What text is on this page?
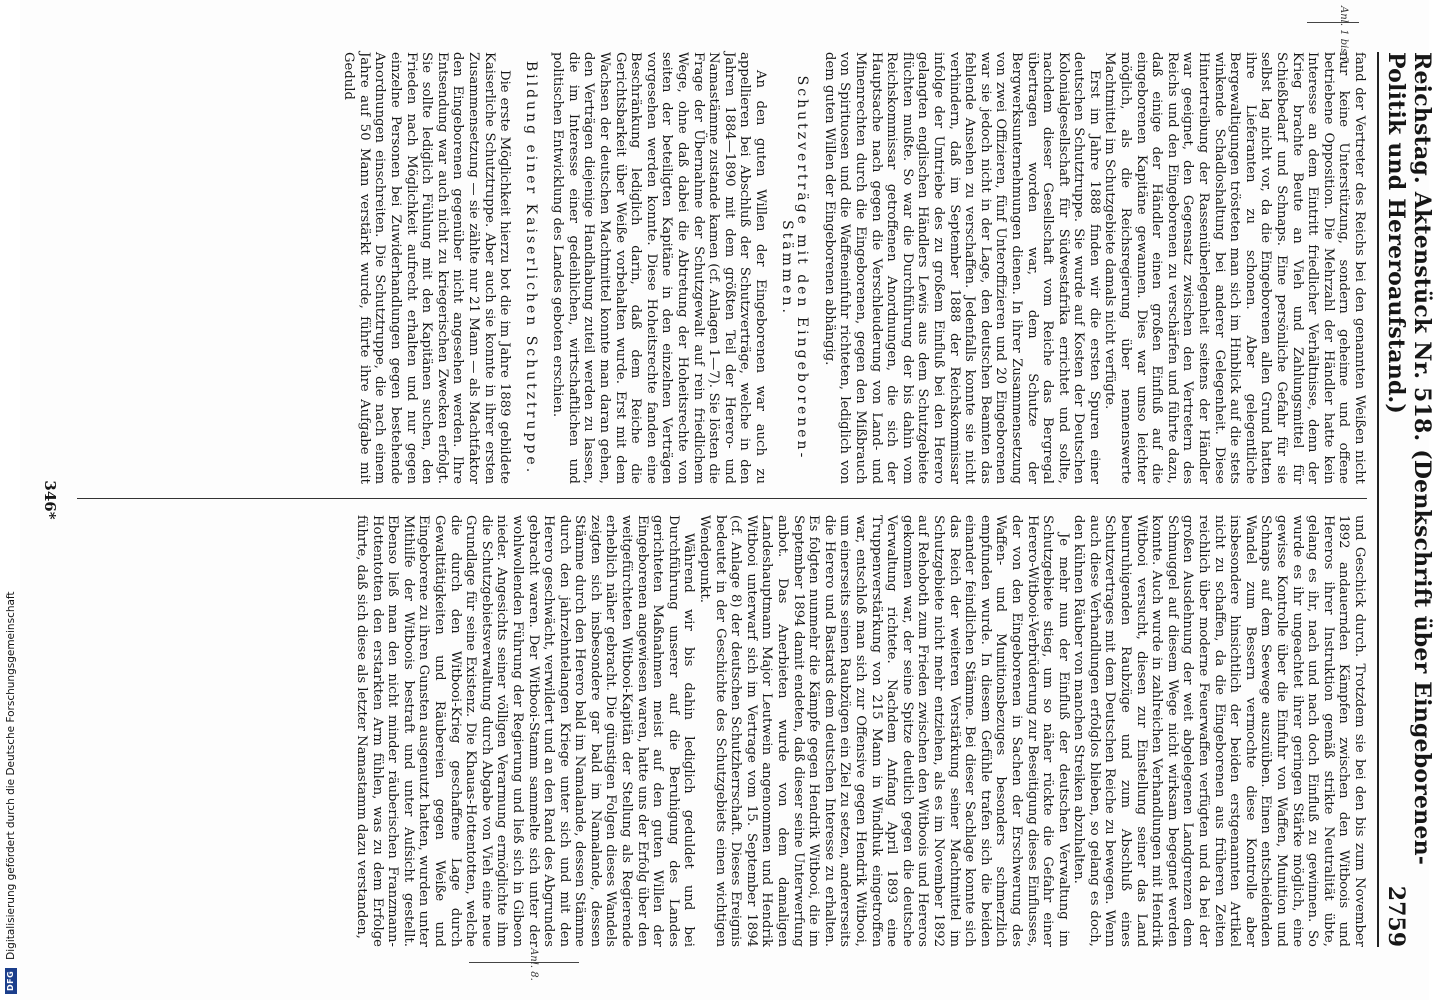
Reichstag. Aktenstück Nr. 518. (Denkschrift über Eingeborenen-Politik und Hereroaufstand.)
2759
Anl. 1 bis 7.
Anl. 8.

fand der Vertreter des Reichs bei den genannten Weißen nicht nur keine Unterstützung, sondern geheime und offene betriebene Opposition. Die Mehrzahl der Händler hatte kein Interesse an dem Eintritt friedlicher Verhältnisse, denn der Krieg brachte Beute an Vieh und Zahlungsmittel für Schießbedarf und Schnaps. Eine persönliche Gefahr für sie selbst lag nicht vor, da die Eingeborenen allen Grund hatten ihre Lieferanten zu schonen. Aber gelegentliche Bergewaltigungen trösteten man sich im Hinblick auf die stets winkende Schadloshaltung bei anderer Gelegenheit. Diese Hintertreibung der Rassenüberlegenheit seitens der Händler war geeignet, den Gegensatz zwischen den Vertretern des Reichs und den Eingeborenen zu verschärfen und führte dazu, daß einige der Händler einen großen Einfluß auf die eingeborenen Kapitäne gewannen. Dies war umso leichter möglich, als die Reichsregierung über nennenswerte Machtmittel im Schutzgebiete damals nicht verfügte.

Erst im Jahre 1888 finden wir die ersten Spuren einer deutschen Schutztruppe. Sie wurde auf Kosten der Deutschen Kolonialgesellschaft für Südwestafrika errichtet und sollte, nachdem dieser Gesellschaft vom Reiche das Bergregal übertragen worden war, dem Schutze der Bergwerksunternehmungen dienen. In ihrer Zusammensetzung von zwei Offizieren, fünf Unteroffizieren und 20 Eingeborenen war sie jedoch nicht in der Lage, den deutschen Beamten das fehlende Ansehen zu verschaffen. Jedenfalls konnte sie nicht verhindern, daß im September 1888 der Reichskommissar infolge der Umtriebe des zu großem Einfluß bei den Herero gelangten englischen Händlers Lewis aus dem Schutzgebiete flüchten mußte. So war die Durchführung der bis dahin vom Reichskommissar getroffenen Anordnungen, die sich der Hauptsache nach gegen die Verschleuderung von Land- und Minenrechten durch die Eingeborenen, gegen den Mißbrauch von Spirituosen und die Waffeneinfuhr richteten, lediglich von dem guten Willen der Eingeborenen abhängig.

Schutzverträge mit den Eingeborenen-Stämmen.

An den guten Willen der Eingeborenen war auch zu appellieren bei Abschluß der Schutzverträge, welche in den Jahren 1884—1890 mit dem größten Teil der Herero- und Namastämme zustande kamen (cf. Anlagen 1—7). Sie lösten die Frage der Übernahme der Schutzgewalt auf rein friedlichem Wege, ohne daß dabei die Abtretung der Hoheitsrechte von seiten der beteiligten Kapitäne in den einzelnen Verträgen vorgesehen werden konnte. Diese Hoheitsrechte fanden eine Beschränkung lediglich darin, daß dem Reiche die Gerichtsbarkeit über Weiße vorbehalten wurde. Erst mit dem Wachsen der deutschen Machtmittel konnte man daran gehen, den Verträgen diejenige Handhabung zuteil werden zu lassen, die im Interesse einer gedeihlichen, wirtschaftlichen und politischen Entwicklung des Landes geboten erschien.

Bildung einer Kaiserlichen Schutztruppe.

Die erste Möglichkeit hierzu bot die im Jahre 1889 gebildete Kaiserliche Schutztruppe. Aber auch sie konnte in ihrer ersten Zusammensetzung — sie zählte nur 21 Mann — als Machtfaktor den Eingeborenen gegenüber nicht angesehen werden. Ihre Entsendung war auch nicht zu kriegerischen Zwecken erfolgt. Sie sollte lediglich Fühlung mit den Kapitänen suchen, den Frieden nach Möglichkeit aufrecht erhalten und nur gegen einzelne Personen bei Zuwiderhandlungen gegen bestehende Anordnungen einschreiten. Die Schutztruppe, die nach einem Jahre auf 50 Mann verstärkt wurde, führte ihre Aufgabe mit Geduld

und Geschick durch. Trotzdem sie bei den bis zum November 1892 andauernden Kämpfen zwischen den Witboois und Hereros ihrer Instruktion gemäß strikte Neutralität übte, gelang es ihr, nach und nach doch Einfluß zu gewinnen. So wurde es ihr ungeachtet ihrer geringen Stärke möglich, eine gewisse Kontrolle über die Einfuhr von Waffen, Munition und Schnaps auf dem Seewege auszuüben. Einen entscheidenden Wandel zum Bessern vermochte diese Kontrolle aber insbesondere hinsichtlich der beiden erstgenannten Artikel nicht zu schaffen, da die Eingeborenen aus früheren Zeiten reichlich über moderne Feuerwaffen verfügten und da bei der großen Ausdehnung der weit abgelegenen Landgrenzen dem Schmuggel auf diesem Wege nicht wirksam begegnet werden konnte. Auch wurde in zahlreichen Verhandlungen mit Hendrik Witbooi versucht, diesen zur Einstellung seiner das Land beunruhigenden Raubzüge und zum Abschluß eines Schutzvertrages mit dem Deutschen Reiche zu bewegen. Wenn auch diese Verhandlungen erfolglos blieben, so gelang es doch, den kühnen Räuber von manchen Streiken abzuhalten.

Je mehr nun der Einfluß der deutschen Verwaltung im Schutzgebiete stieg, um so näher rückte die Gefahr einer Herero-Witbooi-Verbrüderung zur Beseitigung dieses Einflusses, der von den Eingeborenen in Sachen der Erschwerung des Waffen- und Munitionsbezuges besonders schmerzlich empfunden wurde. In diesem Gefühle trafen sich die beiden einander feindlichen Stämme. Bei dieser Sachlage konnte sich das Reich der weiteren Verstärkung seiner Machtmittel im Schutzgebiete nicht mehr entziehen, als es im November 1892 auf Rehoboth zum Frieden zwischen den Witboois und Hereros gekommen war, der seine Spitze deutlich gegen die deutsche Verwaltung richtete. Nachdem Anfang April 1893 eine Truppenverstärkung von 215 Mann in Windhuk eingetroffen war, entschloß man sich zur Offensive gegen Hendrik Witbooi, um einerseits seinen Raubzügen ein Ziel zu setzen, andererseits die Herero und Bastards dem deutschen Interesse zu erhalten. Es folgten nunmehr die Kämpfe gegen Hendrik Witbooi, die im September 1894 damit endeten, daß dieser seine Unterwerfung anbot. Das Anerbieten wurde von dem damaligen Landeshauptmann Major Leutwein angenommen und Hendrik Witbooi unterwarf sich im Vertrage vom 15. September 1894 (cf. Anlage 8) der deutschen Schutzherrschaft. Dieses Ereignis bedeutet in der Geschichte des Schutzgebiets einen wichtigen Wendepunkt.

Während wir bis dahin lediglich geduldet und bei Durchführung unserer auf die Beruhigung des Landes gerichteten Maßnahmen meist auf den guten Willen der Eingeborenen angewiesen waren, hatte uns der Erfolg über den weitgefürchteten Witbooi-Kapitän der Stellung als Regierende erheblich näher gebracht. Die günstigen Folgen dieses Wandels zeigten sich insbesondere gar bald im Namalande, dessen Stämme durch den Herero bald im Namalande, dessen Stämme durch den jahrzehntelangen Kriege unter sich und mit den Herero geschwächt, verwildert und an den Rand des Abgrundes gebracht waren. Der Witbooi-Stamm sammelte sich unter der wohlwollenden Führung der Regierung und ließ sich in Gibeon nieder. Angesichts seiner völligen Verarmung ermöglichte ihm die Schutzgebietsverwaltung durch Abgabe von Vieh eine neue Grundlage für seine Existenz. Die Khauas-Hottentotten, welche die durch den Witbooi-Krieg geschaffene Lage durch Gewalttätigkeiten und Räubereien gegen Weiße und Eingeborene zu ihren Gunsten ausgenutzt hatten, wurden unter Mithilfe der Witboois bestraft und unter Aufsicht gestellt. Ebenso ließ man den nicht minder räuberischen Franzmann-Hottentotten den erstarkten Arm fühlen, was zu dem Erfolge führte, daß sich diese als letzter Namastamm dazu verstanden,

346*
DFG
Digitalisierung gefördert durch die Deutsche Forschungsgemeinschaft
